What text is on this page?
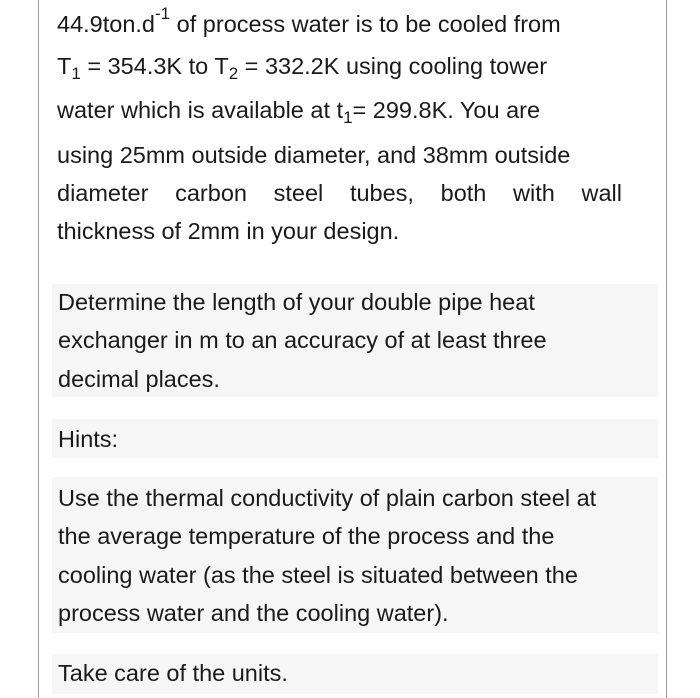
$44.9ton.d^{-1}$ of process water is to be cooled from
$T_1 = 354.3K$ to $T_2 = 332.2K$ using cooling tower
water which is available at $t_1= 299.8K$. You are
using 25mm outside diameter, and 38mm outside
diameter carbon steel tubes, both with wall
thickness of 2mm in your design.
Determine the length of your double pipe heat
exchanger in m to an accuracy of at least three
decimal places.
Hints:
Use the thermal conductivity of plain carbon steel at
the average temperature of the process and the
cooling water (as the steel is situated between the
process water and the cooling water).
Take care of the units.
